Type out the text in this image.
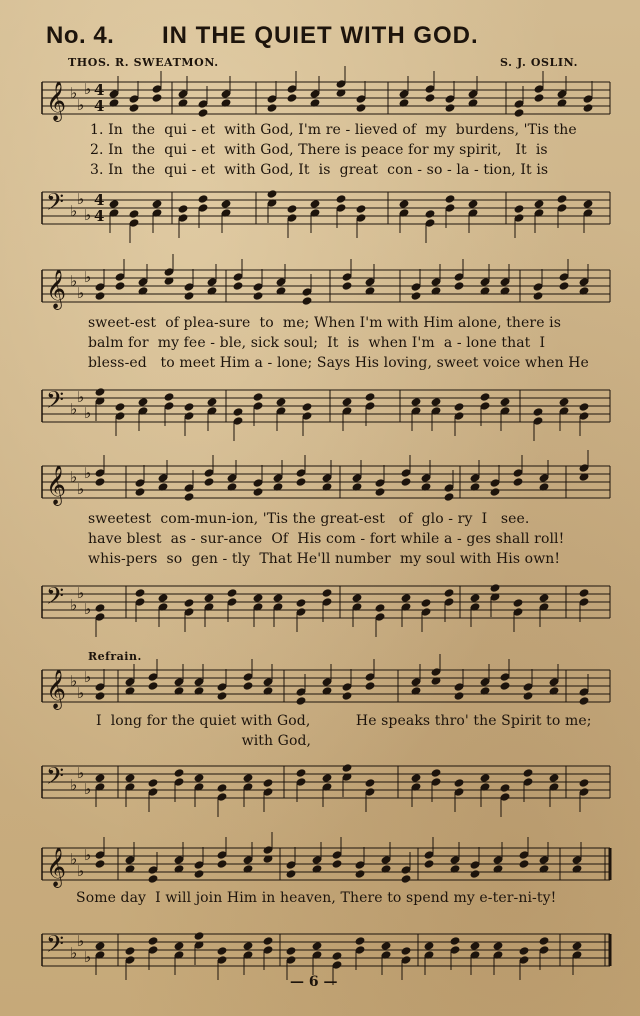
No. 4. IN THE QUIET WITH GOD.
THOS. R. SWEATMON.	S. J. OSLIN.
𝄞 ♭
♭
♭ 4
4
1. In  the  qui - et  with God, I'm re - lieved of  my  burdens, 'Tis the
2. In  the  qui - et  with God, There is peace for my spirit,   It  is
3. In  the  qui - et  with God, It  is  great  con - so - la - tion, It is
𝄢 ♭
♭
♭
4
4
𝄞 ♭
♭
♭
sweet-est  of plea-sure  to  me; When I'm with Him alone, there is
balm for  my fee - ble, sick soul;  It  is  when I'm  a - lone that  I
bless-ed   to meet Him a - lone; Says His loving, sweet voice when He
𝄢 ♭
♭
♭
𝄞 ♭
♭
♭
sweetest  com-mun-ion, 'Tis the great-est   of  glo - ry  I   see.
have blest  as - sur-ance  Of  His com - fort while a - ges shall roll!
whis-pers  so  gen - tly  That He'll number  my soul with His own!
𝄢 ♭
♭
♭
Refrain.
𝄞 ♭
♭
♭
I  long for the quiet with God,          He speaks thro' the Spirit to me;
with God,
𝄢 ♭
♭
♭
𝄞 ♭
♭
♭
Some day  I will join Him in heaven, There to spend my e-ter-ni-ty!
𝄢 ♭
♭
♭
— 6 —
